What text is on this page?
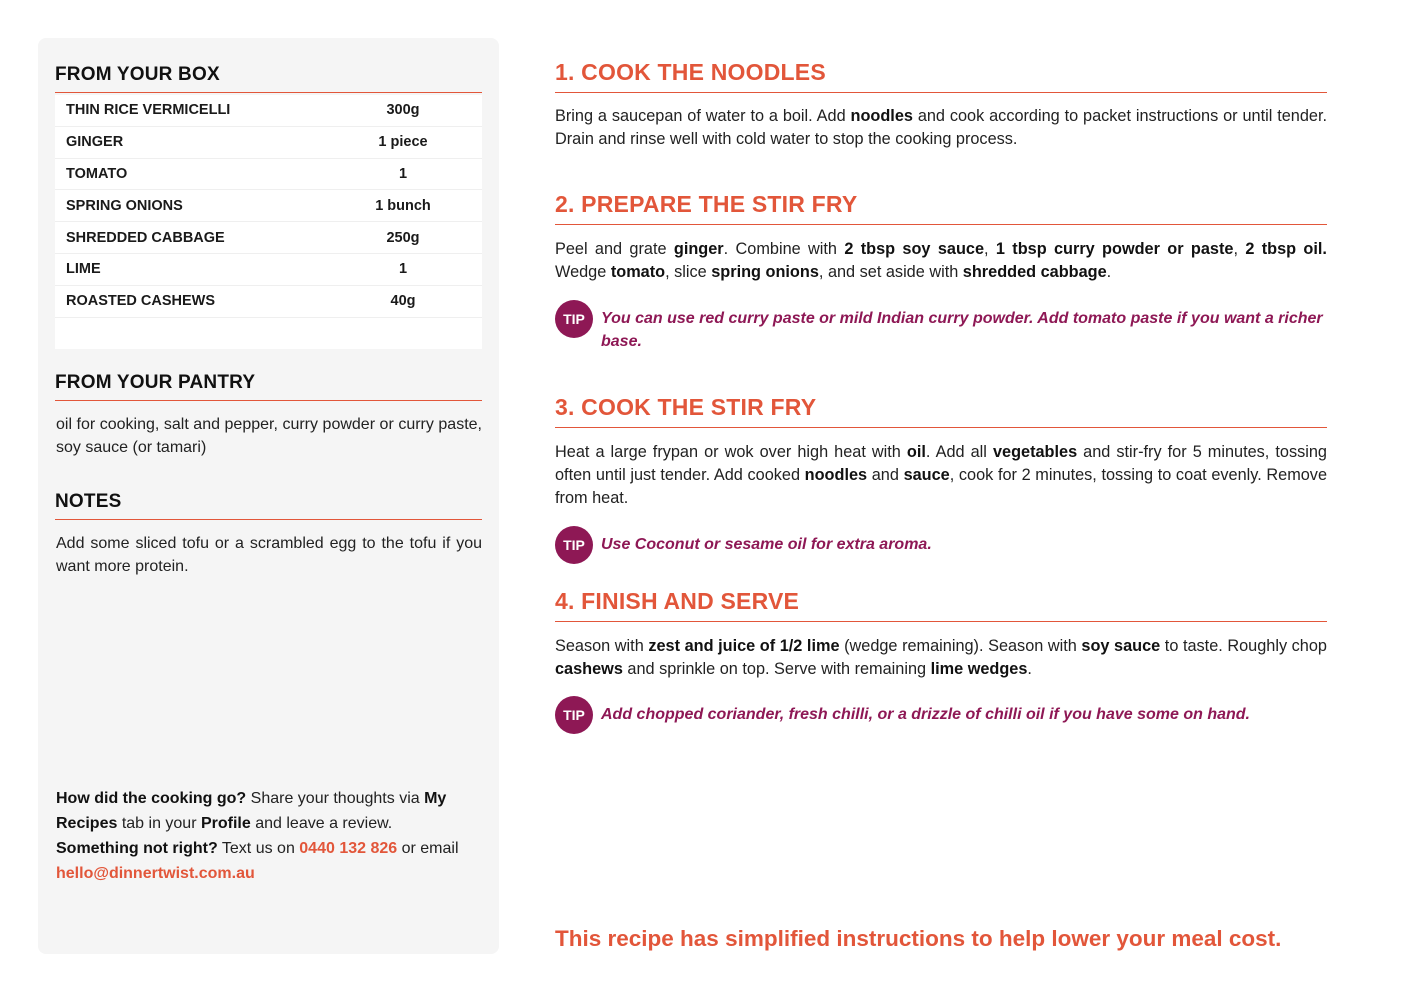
FROM YOUR BOX
THIN RICE VERMICELLI	300g
GINGER	1 piece
TOMATO	1
SPRING ONIONS	1 bunch
SHREDDED CABBAGE	250g
LIME	1
ROASTED CASHEWS	40g
FROM YOUR PANTRY
oil for cooking, salt and pepper, curry powder or curry paste, soy sauce (or tamari)
NOTES
Add some sliced tofu or a scrambled egg to the tofu if you want more protein.
How did the cooking go? Share your thoughts via My Recipes tab in your Profile and leave a review.
Something not right? Text us on 0440 132 826 or email hello@dinnertwist.com.au
1. COOK THE NOODLES
Bring a saucepan of water to a boil. Add noodles and cook according to packet instructions or until tender. Drain and rinse well with cold water to stop the cooking process.
2. PREPARE THE STIR FRY
Peel and grate ginger. Combine with 2 tbsp soy sauce, 1 tbsp curry powder or paste, 2 tbsp oil. Wedge tomato, slice spring onions, and set aside with shredded cabbage.
TIP	You can use red curry paste or mild Indian curry powder. Add tomato paste if you want a richer base.
3. COOK THE STIR FRY
Heat a large frypan or wok over high heat with oil. Add all vegetables and stir-fry for 5 minutes, tossing often until just tender. Add cooked noodles and sauce, cook for 2 minutes, tossing to coat evenly. Remove from heat.
TIP	Use Coconut or sesame oil for extra aroma.
4. FINISH AND SERVE
Season with zest and juice of 1/2 lime (wedge remaining). Season with soy sauce to taste. Roughly chop cashews and sprinkle on top. Serve with remaining lime wedges.
TIP	Add chopped coriander, fresh chilli, or a drizzle of chilli oil if you have some on hand.
This recipe has simplified instructions to help lower your meal cost.
